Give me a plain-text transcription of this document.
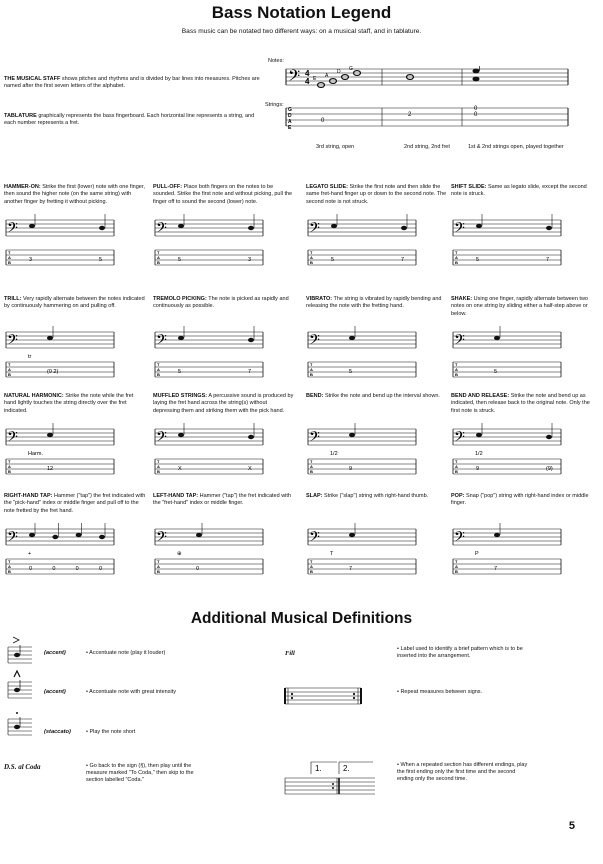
Bass Notation Legend
Bass music can be notated two different ways: on a musical staff, and in tablature.
THE MUSICAL STAFF shows pitches and rhythms and is divided by bar lines into measures. Pitches are named after the first seven letters of the alphabet.
TABLATURE graphically represents the bass fingerboard. Each horizontal line represents a string, and each number represents a fret.
Notes:
Strings:
𝄢 4
4 E A
D G
G
D
A
E
0
2
0
0
3rd string, open	2nd string, 2nd fret	1st & 2nd strings open, played together
HAMMER-ON: Strike the first (lower) note with one finger, then sound the higher note (on the same string) with another finger by fretting it without picking.
𝄢
T
A
B	3	5
PULL-OFF: Place both fingers on the notes to be sounded. Strike the first note and without picking, pull the finger off to sound the second (lower) note.
𝄢
T
A
B	5	3
LEGATO SLIDE: Strike the first note and then slide the same fret-hand finger up or down to the second note. The second note is not struck.
𝄢
T
A
B	5	7
SHIFT SLIDE: Same as legato slide, except the second note is struck.
𝄢
T
A
B	5	7
TRILL: Very rapidly alternate between the notes indicated by continuously hammering on and pulling off.
𝄢
T
A
B	(0 2)
tr
TREMOLO PICKING: The note is picked as rapidly and continuously as possible.
𝄢
T
A
B	5	7
VIBRATO: The string is vibrated by rapidly bending and releasing the note with the fretting hand.
𝄢
T
A
B	5
SHAKE: Using one finger, rapidly alternate between two notes on one string by sliding either a half-step above or below.
𝄢
T
A
B	5
NATURAL HARMONIC: Strike the note while the fret hand lightly touches the string directly over the fret indicated.
𝄢
T
A
B	12
Harm.
MUFFLED STRINGS: A percussive sound is produced by laying the fret hand across the string(s) without depressing them and striking them with the pick hand.
𝄢
T
A
B	X	X
BEND: Strike the note and bend up the interval shown.
𝄢
T
A
B	9
1/2
BEND AND RELEASE: Strike the note and bend up as indicated, then release back to the original note. Only the first note is struck.
𝄢
T
A
B	9	(9)
1/2
RIGHT-HAND TAP: Hammer ("tap") the fret indicated with the "pick-hand" index or middle finger and pull off to the note fretted by the fret hand.
𝄢
T
A
B	0	0	0	0
+
LEFT-HAND TAP: Hammer ("tap") the fret indicated with the "fret-hand" index or middle finger.
𝄢
T
A
B	0
⊕
SLAP: Strike ("slap") string with right-hand thumb.
𝄢
T
A
B	7
T
POP: Snap ("pop") string with right-hand index or middle finger.
𝄢
T
A
B	7
P
Additional Musical Definitions
(accent)	• Accentuate note (play it louder)
(accent)	• Accentuate note with great intensity
(staccato)	• Play the note short
D.S. al Coda	• Go back to the sign (§), then play until the measure marked "To Coda," then skip to the section labelled "Coda."
Fill
• Label used to identify a brief pattern which is to be inserted into the arrangement.
• Repeat measures between signs.
1.	2.	• When a repeated section has different endings, play the first ending only the first time and the second ending only the second time.
5
